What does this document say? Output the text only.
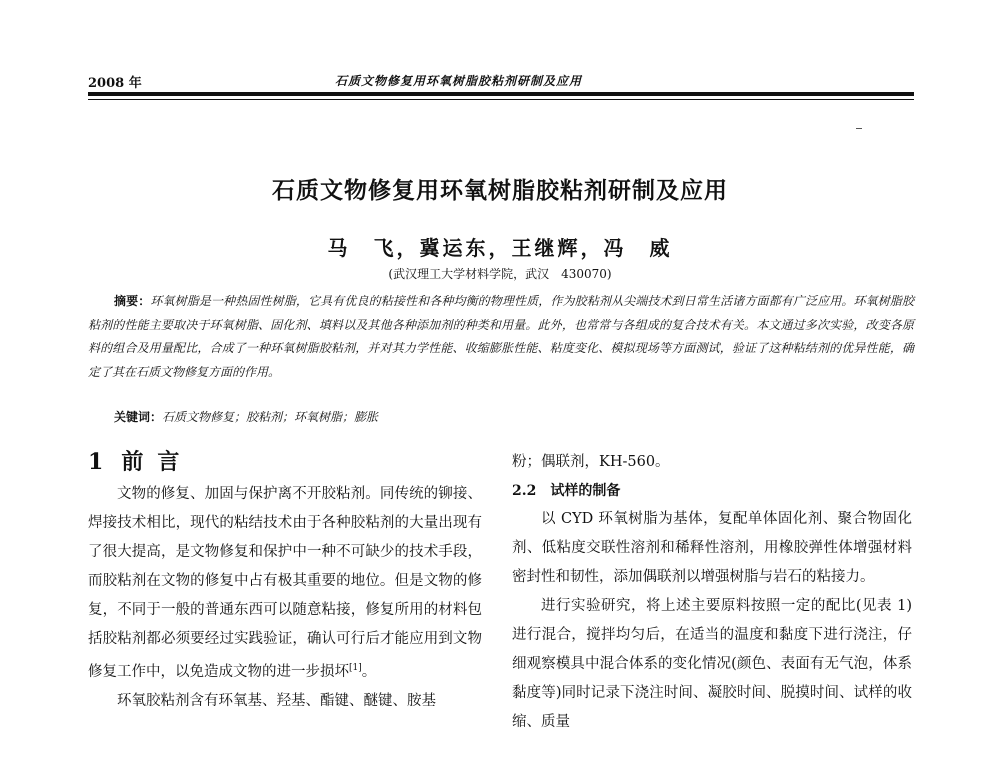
2008 年	石质文物修复用环氧树脂胶粘剂研制及应用
石质文物修复用环氧树脂胶粘剂研制及应用
马　飞，冀运东，王继辉，冯　威
(武汉理工大学材料学院，武汉　430070)

摘要：环氧树脂是一种热固性树脂，它具有优良的粘接性和各种均衡的物理性质，作为胶粘剂从尖端技术到日常生活诸方面都有广泛应用。环氧树脂胶粘剂的性能主要取决于环氧树脂、固化剂、填料以及其他各种添加剂的种类和用量。此外，也常常与各组成的复合技术有关。本文通过多次实验，改变各原料的组合及用量配比，合成了一种环氧树脂胶粘剂，并对其力学性能、收缩膨胀性能、粘度变化、模拟现场等方面测试，验证了这种粘结剂的优异性能，确定了其在石质文物修复方面的作用。

关键词：石质文物修复；胶粘剂；环氧树脂；膨胀

1 前言

文物的修复、加固与保护离不开胶粘剂。同传统的铆接、焊接技术相比，现代的粘结技术由于各种胶粘剂的大量出现有了很大提高，是文物修复和保护中一种不可缺少的技术手段，而胶粘剂在文物的修复中占有极其重要的地位。但是文物的修复，不同于一般的普通东西可以随意粘接，修复所用的材料包括胶粘剂都必须要经过实践验证，确认可行后才能应用到文物修复工作中，以免造成文物的进一步损坏[1]。

环氧胶粘剂含有环氧基、羟基、酯键、醚键、胺基

粉；偶联剂，KH-560。

2.2 试样的制备

以 CYD 环氧树脂为基体，复配单体固化剂、聚合物固化剂、低粘度交联性溶剂和稀释性溶剂，用橡胶弹性体增强材料密封性和韧性，添加偶联剂以增强树脂与岩石的粘接力。

进行实验研究，将上述主要原料按照一定的配比(见表 1)进行混合，搅拌均匀后，在适当的温度和黏度下进行浇注，仔细观察模具中混合体系的变化情况(颜色、表面有无气泡，体系黏度等)同时记录下浇注时间、凝胶时间、脱摸时间、试样的收缩、质量
